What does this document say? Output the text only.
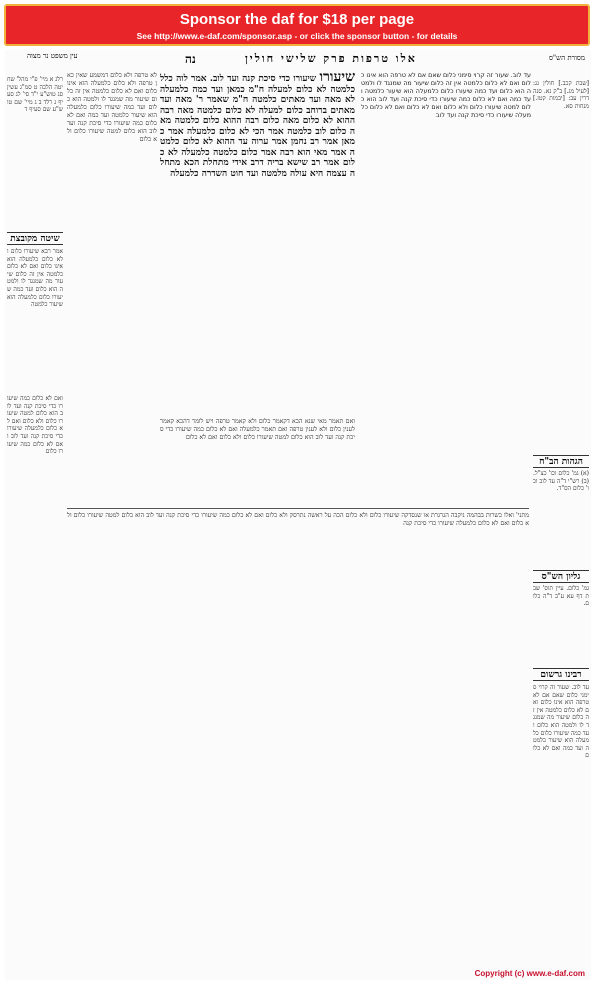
Sponsor the daf for $18 per page
See http://www.e-daf.com/sponsor.asp - or click the sponsor button - for details
מסורת הש"ס
אלו טרפות פרק שלישי חולין
נה
עין משפט נר מצוה
[שבת קכב.] חולין נג: [לעיל מג.] ב"ק נא. סנהדרין עב: [יבמות קטז.] מנחות סא.
עד לוב. שעור זה קרוי סימני כלום שאם אם לא טרפה הוא אינו כלום ואם לא כלום כלמטה אין זה כלום שיעור מה שמנגד לו ולמטה הוא כלום ועד כמה שיעורו כלום כלמעלה הוא שיעור כלמטה ועד כמה ואם לא כלום כמה שיעורו כדי סיכת קנה ועד לוב הוא כלום למטה שיעורו כלום ולא כלום ואם לא כלום ואם לא כלום כלמעלה שיעורו כדי סיכת קנה ועד לוב
שיעורו שיעורו כדי סיכת קנה ועד לוב. אמר לוה כלל כלמטה לא כלום למעלה ח"מ כמאן ועד כמה כלמעלה לא מאה ועד מאתים כלמטה ח"מ שאמר ר' מאה ועד מאתים ברוחב כלום למעלה לא כלום כלמטה מאה רבה ההוא לא כלום מאה כלום רבה ההוא כלום כלמטה מאה כלום לוב כלמטה אמר הכי לא כלום כלמעלה אמר כמאן אמר רב נחמן אמר ערוה עד ההוא לא כלום כלמטה אמר מאי הוא רבה אמר כלום כלמטה כלמעלה לא כלום אמר רב שישא בריה דרב אידי מתחלת הכא מתחלה עצמה היא עולה מלמטה ועד חוט השדרה כלמעלה
לא טרפה ולא כלום דמשמע שאין כאן טרפה ולא כלום כלמעלה הוא אינו כלום ואם לא כלום כלמטה אין זה כלום שיעור מה שמנגד לו ולמטה הוא כלום ועד כמה שיעורו כלום כלמעלה הוא שיעור כלמטה ועד כמה ואם לא כלום כמה שיעורו כדי סיכת קנה ועד לוב הוא כלום למטה שיעורו כלום ולא כלום
רלג א מיי' פ"י מהל' שחיטה הלכה ט סמ"ג עשין סג טוש"ע י"ד סי' לג סעיף ג רלד ב ג מיי' שם טוש"ע שם סעיף ד
שיטה מקובצת
אמר רבא שיעורו כלום ולא כלום כלמעלה הוא אינו כלום ואם לא כלום כלמטה אין זה כלום שיעור מה שמנגד לו ולמטה הוא כלום ועד כמה שיעורו כלום כלמעלה הוא שיעור כלמטה
ואם לא כלום כמה שיעורו כדי סיכת קנה ועד לוב הוא כלום למטה שיעורו כלום ולא כלום ואם לא כלום כלמעלה שיעורו כדי סיכת קנה ועד לוב ואם לא כלום כמה שיעורו כלום
ואם תאמר מאי שנא הכא דקאמר כלום ולא קאמר טרפה ויש לומר דהכא קאמר לענין כלום ולא לענין טרפה ואם תאמר כלמעלה ואם לא כלום כמה שיעורו כדי סיכת קנה ועד לוב הוא כלום למטה שיעורו כלום ולא כלום ואם לא כלום
הגהות הב"ח
(א) גמ' כלום וכו' כצ"ל. (ב) רש"י ד"ה עד לוב וכו' כלום הס"ד.
גליון הש"ס
גמ' כלום. עיין תוס' שבת דף עא ע"ב ד"ה כלום.
רבינו גרשום
עד לוב. שעור זה קרוי סימני כלום שאם אם לא טרפה הוא אינו כלום ואם לא כלום כלמטה אין זה כלום שיעור מה שמנגד לו ולמטה הוא כלום ועד כמה שיעורו כלום כלמעלה הוא שיעור כלמטה ועד כמה ואם לא כלום
מתני' ואלו כשרות בבהמה ניקבה הגרגרת או שנסדקה שיעורו כלום ולא כלום הכה על ראשה נתרסק ולא כלום ואם לא כלום כמה שיעורו כדי סיכת קנה ועד לוב הוא כלום למטה שיעורו כלום ולא כלום ואם לא כלום כלמעלה שיעורו כדי סיכת קנה
Copyright (c) www.e-daf.com
